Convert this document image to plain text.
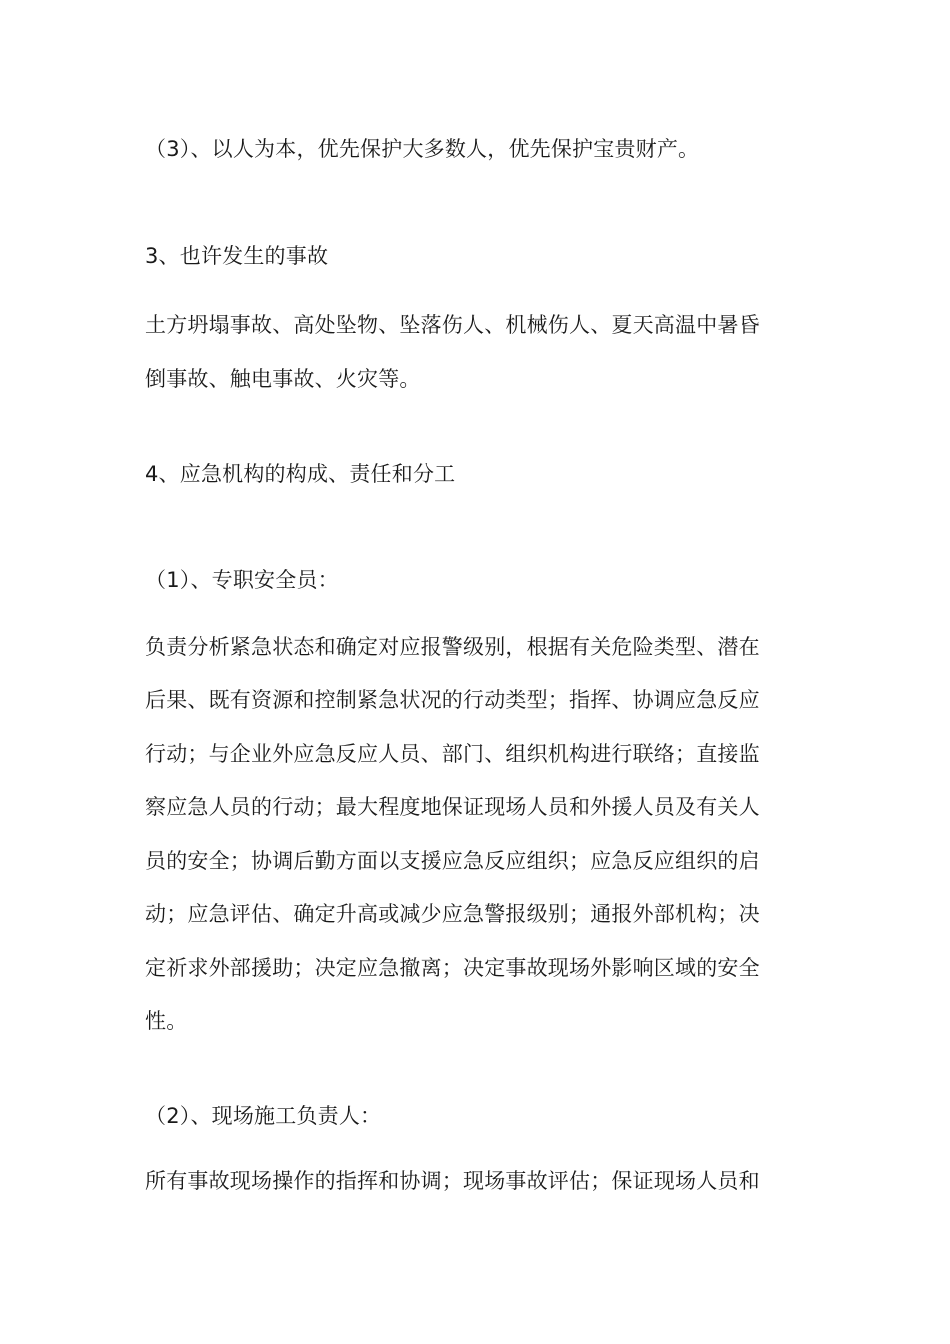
（3）、以人为本，优先保护大多数人，优先保护宝贵财产。
3、也许发生的事故
土方坍塌事故、高处坠物、坠落伤人、机械伤人、夏天高温中暑昏
倒事故、触电事故、火灾等。
4、应急机构的构成、责任和分工
（1）、专职安全员：
负责分析紧急状态和确定对应报警级别，根据有关危险类型、潜在
后果、既有资源和控制紧急状况的行动类型；指挥、协调应急反应
行动；与企业外应急反应人员、部门、组织机构进行联络；直接监
察应急人员的行动；最大程度地保证现场人员和外援人员及有关人
员的安全；协调后勤方面以支援应急反应组织；应急反应组织的启
动；应急评估、确定升高或减少应急警报级别；通报外部机构；决
定祈求外部援助；决定应急撤离；决定事故现场外影响区域的安全
性。
（2）、现场施工负责人：
所有事故现场操作的指挥和协调；现场事故评估；保证现场人员和
